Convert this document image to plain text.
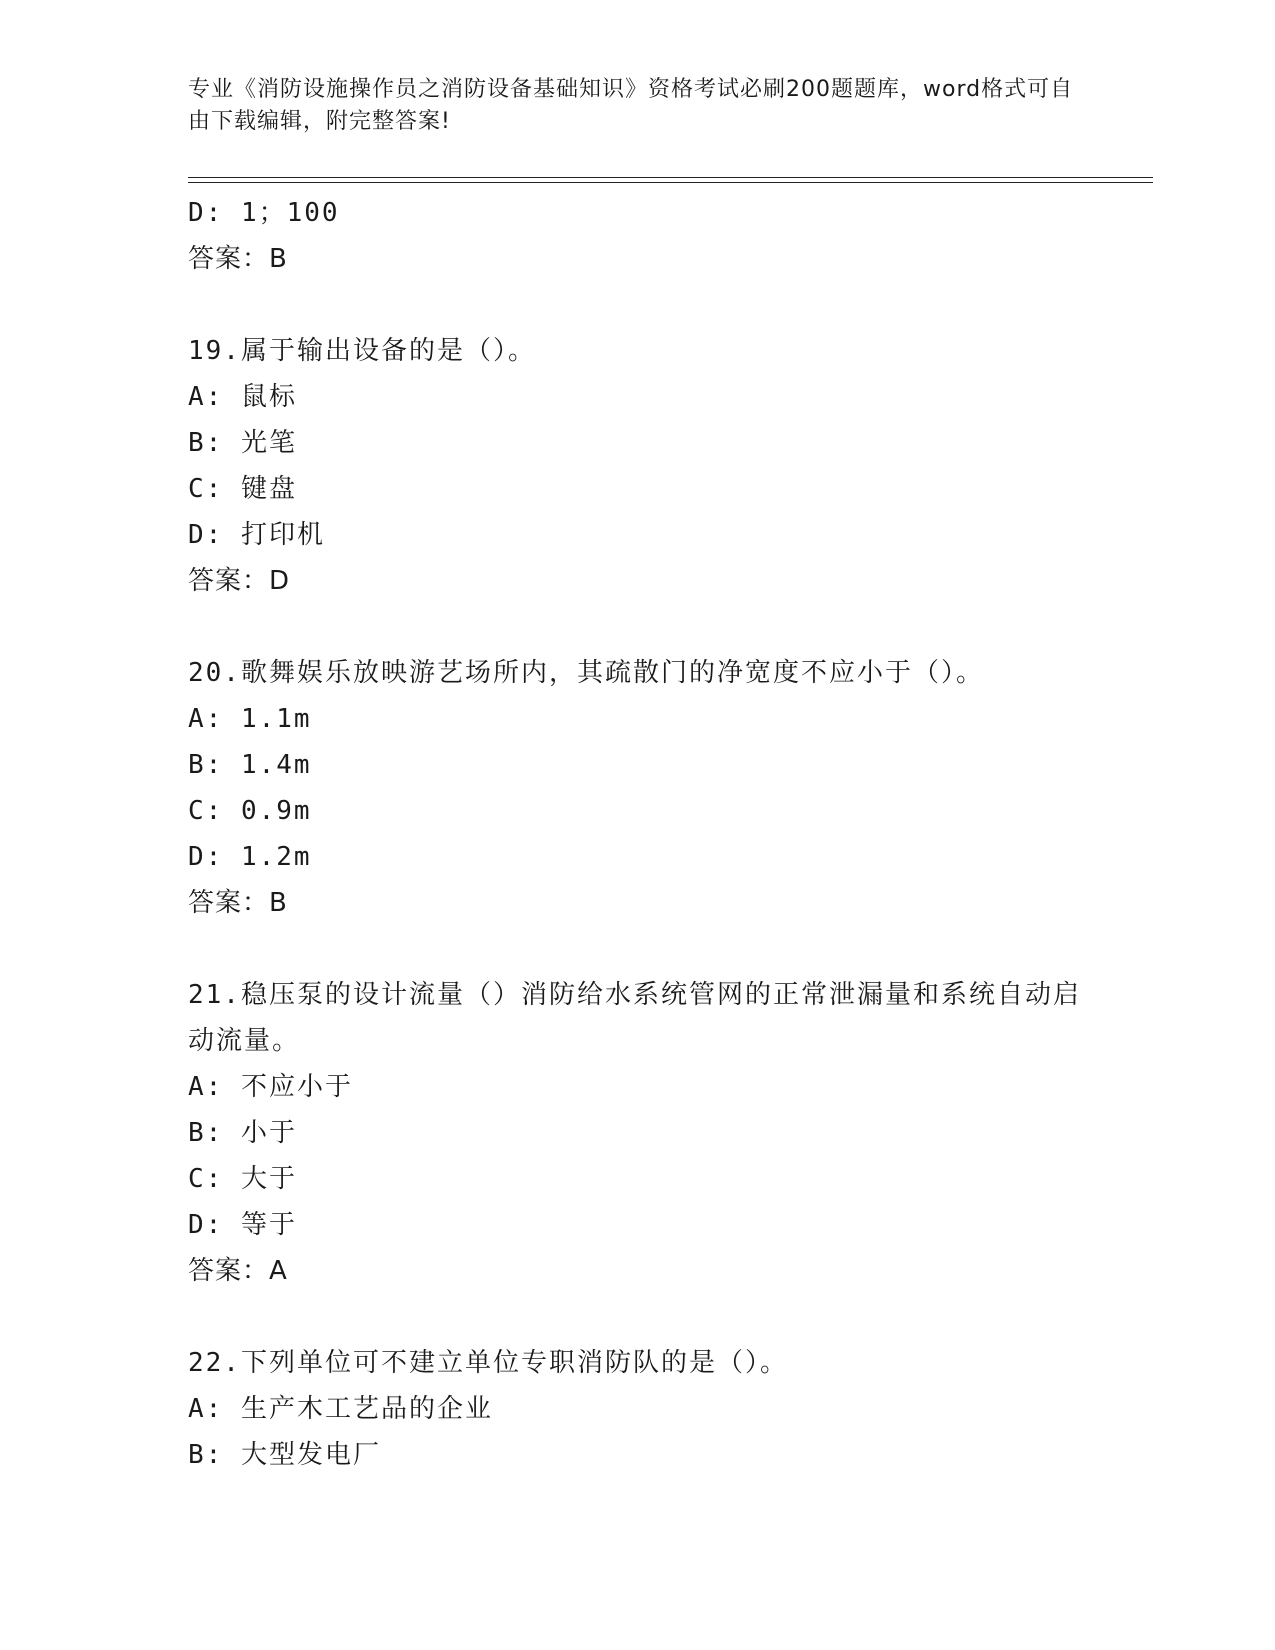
专业《消防设施操作员之消防设备基础知识》资格考试必刷200题题库，word格式可自由下载编辑，附完整答案!
D: 1；100
答案：B
19.属于输出设备的是（）。
A: 鼠标
B: 光笔
C: 键盘
D: 打印机
答案：D
20.歌舞娱乐放映游艺场所内，其疏散门的净宽度不应小于（）。
A: 1.1m
B: 1.4m
C: 0.9m
D: 1.2m
答案：B
21.稳压泵的设计流量（）消防给水系统管网的正常泄漏量和系统自动启动流量。
A: 不应小于
B: 小于
C: 大于
D: 等于
答案：A
22.下列单位可不建立单位专职消防队的是（）。
A: 生产木工艺品的企业
B: 大型发电厂
